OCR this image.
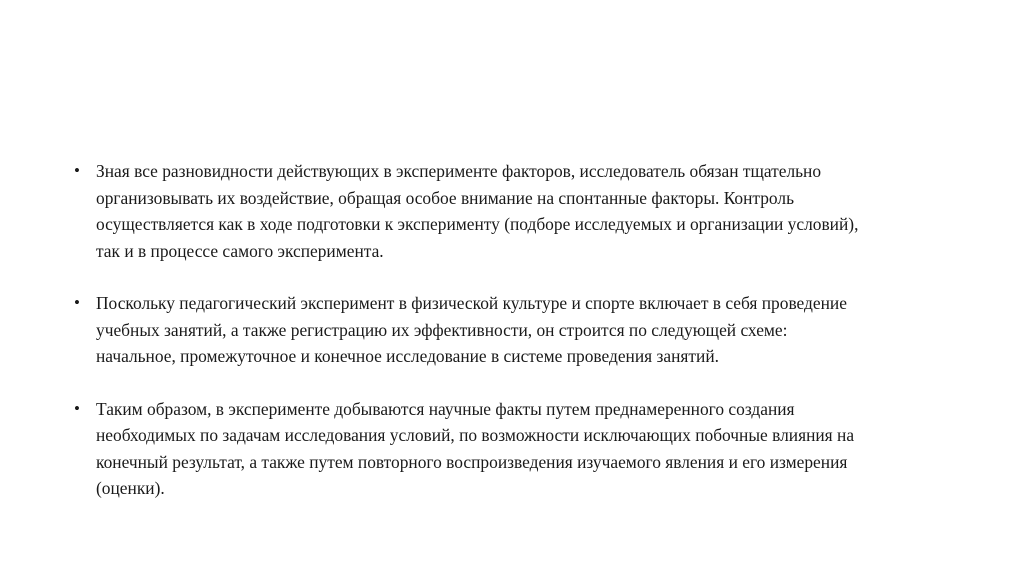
• Зная все разновидности действующих в эксперименте факторов, исследователь обязан тщательно
организовывать их воздействие, обращая особое внимание на спонтанные факторы. Контроль
осуществляется как в ходе подготовки к эксперименту (подборе исследуемых и организации условий),
так и в процессе самого эксперимента.
• Поскольку педагогический эксперимент в физической культуре и спорте включает в себя проведение
учебных занятий, а также регистрацию их эффективности, он строится по следующей схеме:
начальное, промежуточное и конечное исследование в системе проведения занятий.
• Таким образом, в эксперименте добываются научные факты путем преднамеренного создания
необходимых по задачам исследования условий, по возможности исключающих побочные влияния на
конечный результат, а также путем повторного воспроизведения изучаемого явления и его измерения
(оценки).
